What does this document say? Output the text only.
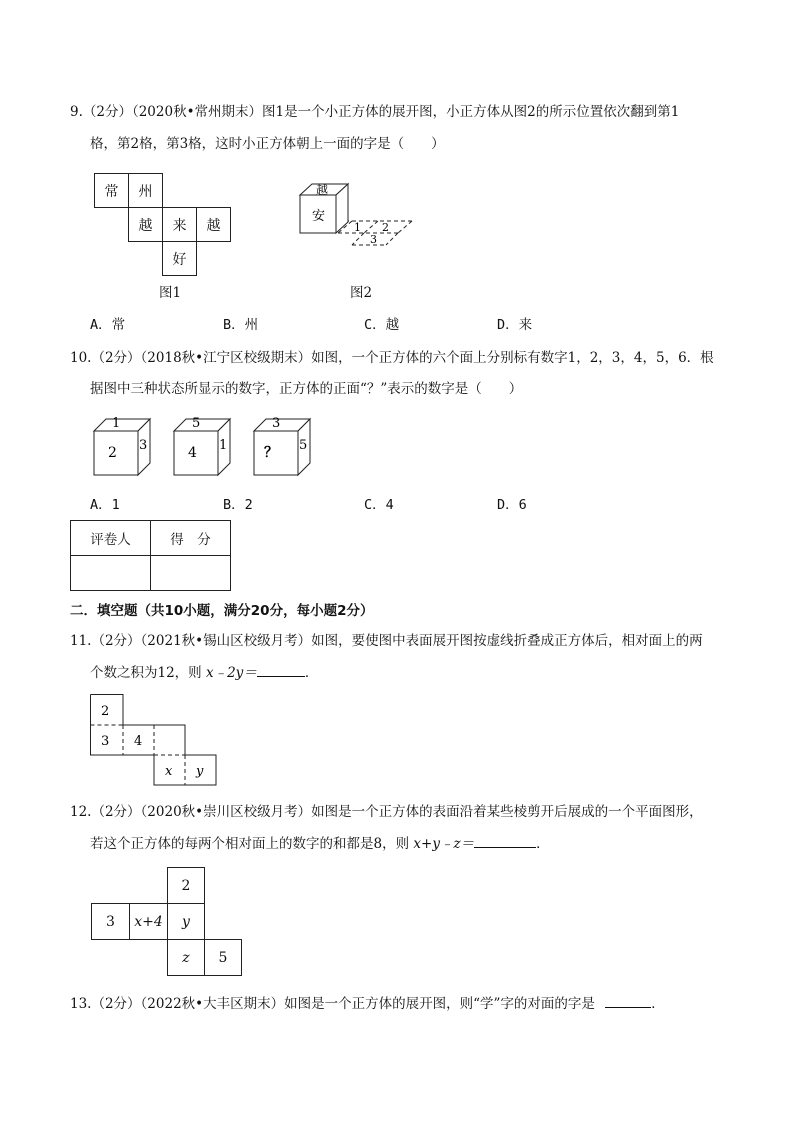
9.（2分）（2020秋•常州期末）图1是一个小正方体的展开图，小正方体从图2的所示位置依次翻到第1
格，第2格，第3格，这时小正方体朝上一面的字是（　　）
常	州
越	来	越
好
图1
越
安
1 2
3
图2
A．常	B．州	C．越	D．来
10.（2分）（2018秋•江宁区校级期末）如图，一个正方体的六个面上分别标有数字1，2，3，4，5，6．根
据图中三种状态所显示的数字，正方体的正面“？”表示的数字是（　　）
1
2 3
5
4 1
3
？ 5
A．1	B．2	C．4	D．6
评卷人	得　分
二．填空题（共10小题，满分20分，每小题2分）
11.（2分）（2021秋•锡山区校级月考）如图，要使图中表面展开图按虚线折叠成正方体后，相对面上的两
个数之积为12，则 x﹣2y＝	．
2
3 4
x y
12.（2分）（2020秋•崇川区校级月考）如图是一个正方体的表面沿着某些棱剪开后展成的一个平面图形，
若这个正方体的每两个相对面上的数字的和都是8，则 x+y﹣z＝	．
2
3	x+4	y
z	5
13.（2分）（2022秋•大丰区期末）如图是一个正方体的展开图，则“学”字的对面的字是	．
